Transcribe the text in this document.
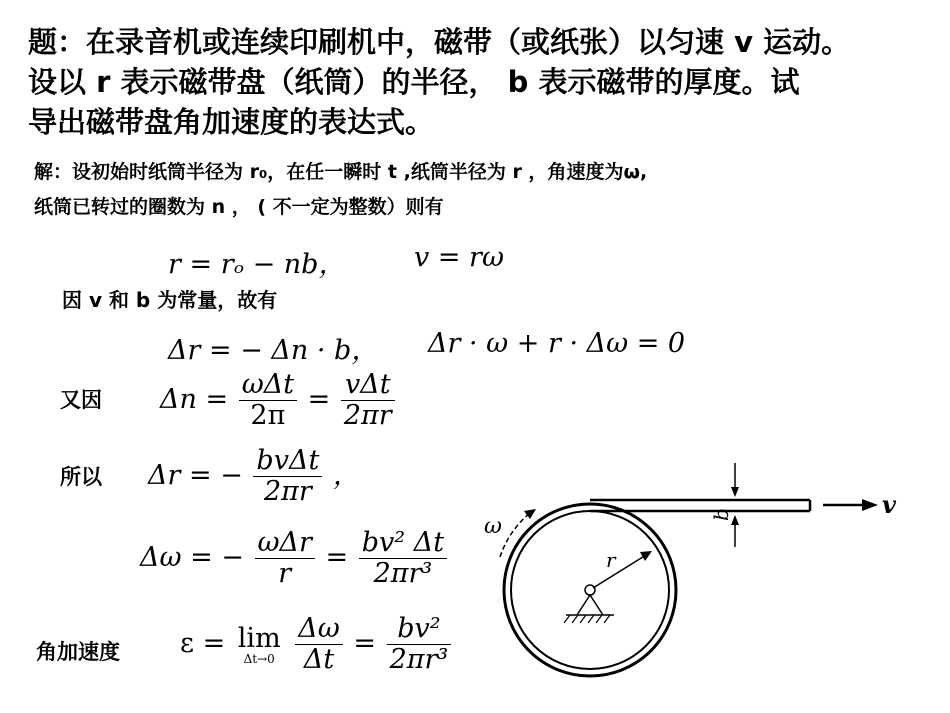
题：在录音机或连续印刷机中，磁带（或纸张）以匀速 v 运动。
设以 r 表示磁带盘（纸筒）的半径， b 表示磁带的厚度。试
导出磁带盘角加速度的表达式。
解：设初始时纸筒半径为 r₀，在任一瞬时 t ,纸筒半径为 r ，角速度为ω,
纸筒已转过的圈数为 n ， ( 不一定为整数）则有
r = rₒ − nb，	v = rω
因 v 和 b 为常量，故有
Δr = − Δn · b， Δr · ω + r · Δω = 0
又因 $\Delta n = \frac{\text{ωΔt}}{2\pi} = \frac{\text{vΔt}}{2\pi r}$
所以 Δr = − $\frac{\text{bvΔt}}{2\pi r}$ ，
Δω = − $\frac{\text{ωΔr}}{r} = \frac{\text{bv² Δt}}{\text{2πr³}}$
角加速度 ε = lim
Δt→0
$\frac{\Delta\omega}{\Delta t} = \frac{\text{bv²}}{\text{2πr³}}$
b	v
ω
r
